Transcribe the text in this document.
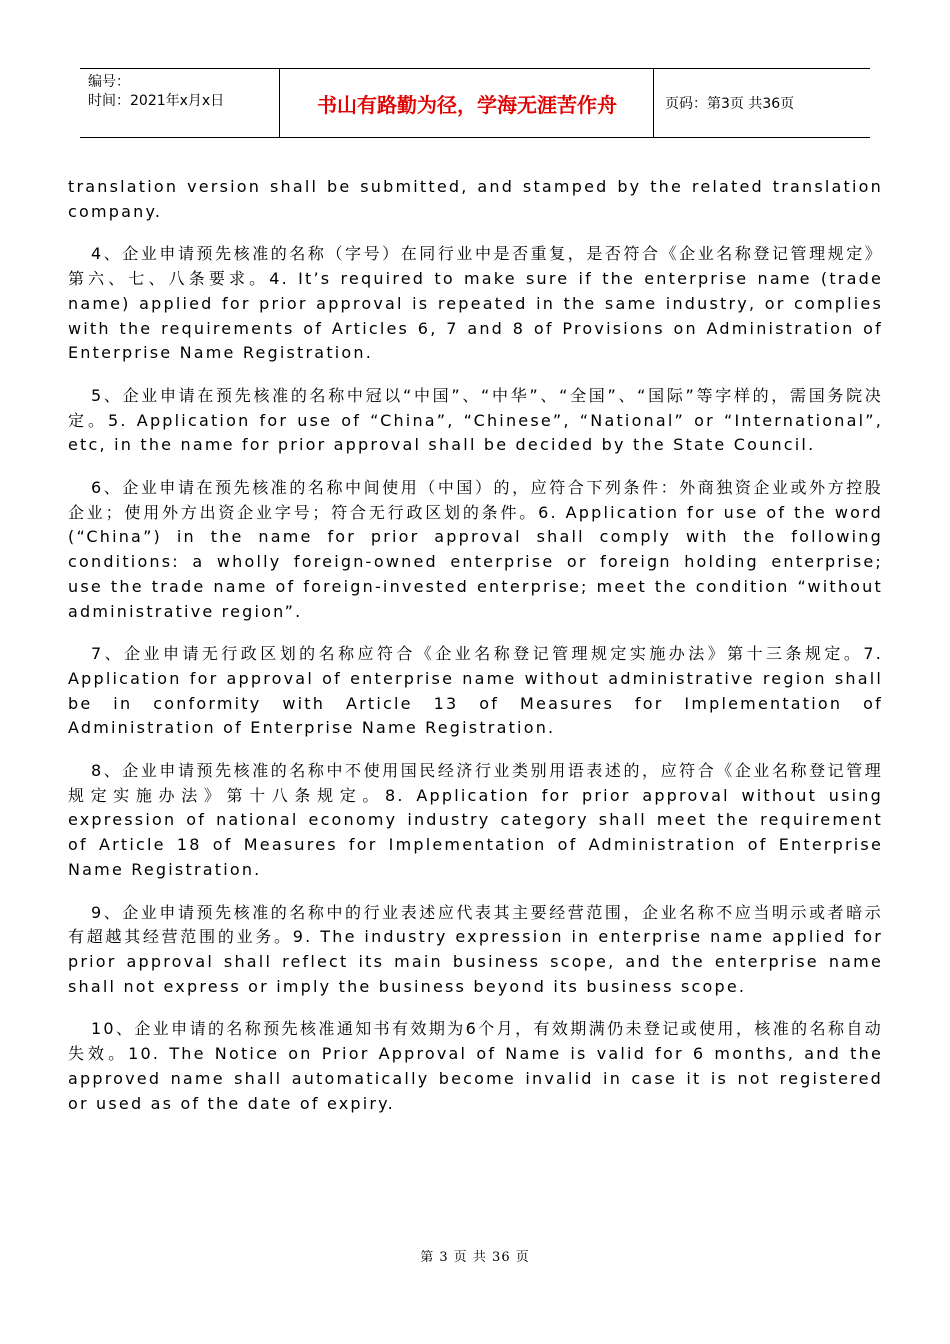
编号：
时间：2021年x月x日	书山有路勤为径，学海无涯苦作舟	页码：第3页 共36页

translation version shall be submitted, and stamped by the related translation company.

4、企业申请预先核准的名称（字号）在同行业中是否重复，是否符合《企业名称登记管理规定》第六、七、八条要求。4. It’s required to make sure if the enterprise name (trade name) applied for prior approval is repeated in the same industry, or complies with the requirements of Articles 6, 7 and 8 of Provisions on Administration of Enterprise Name Registration.

5、企业申请在预先核准的名称中冠以“中国”、“中华”、“全国”、“国际”等字样的，需国务院决定。5. Application for use of “China”, “Chinese”, “National” or “International”, etc, in the name for prior approval shall be decided by the State Council.

6、企业申请在预先核准的名称中间使用（中国）的，应符合下列条件：外商独资企业或外方控股企业；使用外方出资企业字号；符合无行政区划的条件。6. Application for use of the word (“China”) in the name for prior approval shall comply with the following conditions: a wholly foreign-owned enterprise or foreign holding enterprise; use the trade name of foreign-invested enterprise; meet the condition “without administrative region”.

7、企业申请无行政区划的名称应符合《企业名称登记管理规定实施办法》第十三条规定。7. Application for approval of enterprise name without administrative region shall be in conformity with Article 13 of Measures for Implementation of Administration of Enterprise Name Registration.

8、企业申请预先核准的名称中不使用国民经济行业类别用语表述的，应符合《企业名称登记管理规定实施办法》第十八条规定。8. Application for prior approval without using expression of national economy industry category shall meet the requirement of Article 18 of Measures for Implementation of Administration of Enterprise Name Registration.

9、企业申请预先核准的名称中的行业表述应代表其主要经营范围，企业名称不应当明示或者暗示有超越其经营范围的业务。9. The industry expression in enterprise name applied for prior approval shall reflect its main business scope, and the enterprise name shall not express or imply the business beyond its business scope.

10、企业申请的名称预先核准通知书有效期为6个月，有效期满仍未登记或使用，核准的名称自动失效。10. The Notice on Prior Approval of Name is valid for 6 months, and the approved name shall automatically become invalid in case it is not registered or used as of the date of expiry.

第 3 页 共 36 页
